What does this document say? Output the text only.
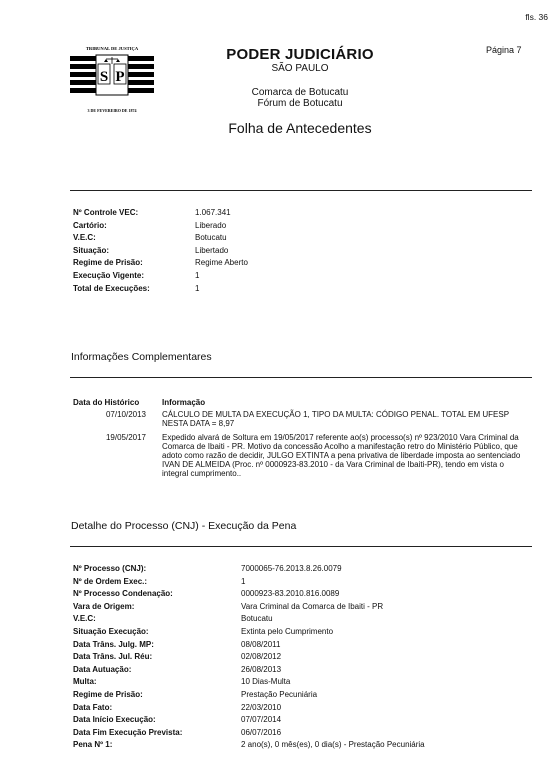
fls. 36
Página 7
TRIBUNAL DE JUSTIÇA
S P
3 DE FEVEREIRO DE 1874
PODER JUDICIÁRIO
SÃO PAULO
Comarca de Botucatu
Fórum de Botucatu
Folha de Antecedentes
Nº Controle VEC:	1.067.341
Cartório:	Liberado
V.E.C:	Botucatu
Situação:	Libertado
Regime de Prisão:	Regime Aberto
Execução Vigente:	1
Total de Execuções:	1
Informações Complementares
Data do Histórico	Informação
07/10/2013 CÁLCULO DE MULTA DA EXECUÇÃO 1, TIPO DA MULTA: CÓDIGO PENAL. TOTAL EM UFESP NESTA DATA = 8,97
19/05/2017 Expedido alvará de Soltura em 19/05/2017 referente ao(s) processo(s) nº 923/2010 Vara Criminal da Comarca de Ibaiti - PR. Motivo da concessão Acolho a manifestação retro do Ministério Público, que adoto como razão de decidir, JULGO EXTINTA a pena privativa de liberdade imposta ao sentenciado IVAN DE ALMEIDA (Proc. nº 0000923-83.2010 - da Vara Criminal de Ibaiti-PR), tendo em vista o integral cumprimento..
Detalhe do Processo (CNJ) - Execução da Pena
Nº Processo (CNJ):	7000065-76.2013.8.26.0079
Nº de Ordem Exec.:	1
Nº Processo Condenação:	0000923-83.2010.816.0089
Vara de Origem:	Vara Criminal da Comarca de Ibaiti - PR
V.E.C:	Botucatu
Situação Execução:	Extinta pelo Cumprimento
Data Trâns. Julg. MP:	08/08/2011
Data Trâns. Jul. Réu:	02/08/2012
Data Autuação:	26/08/2013
Multa:	10 Dias-Multa
Regime de Prisão:	Prestação Pecuniária
Data Fato:	22/03/2010
Data Início Execução:	07/07/2014
Data Fim Execução Prevista:	06/07/2016
Pena Nº 1:	2 ano(s), 0 mês(es), 0 dia(s) - Prestação Pecuniária
